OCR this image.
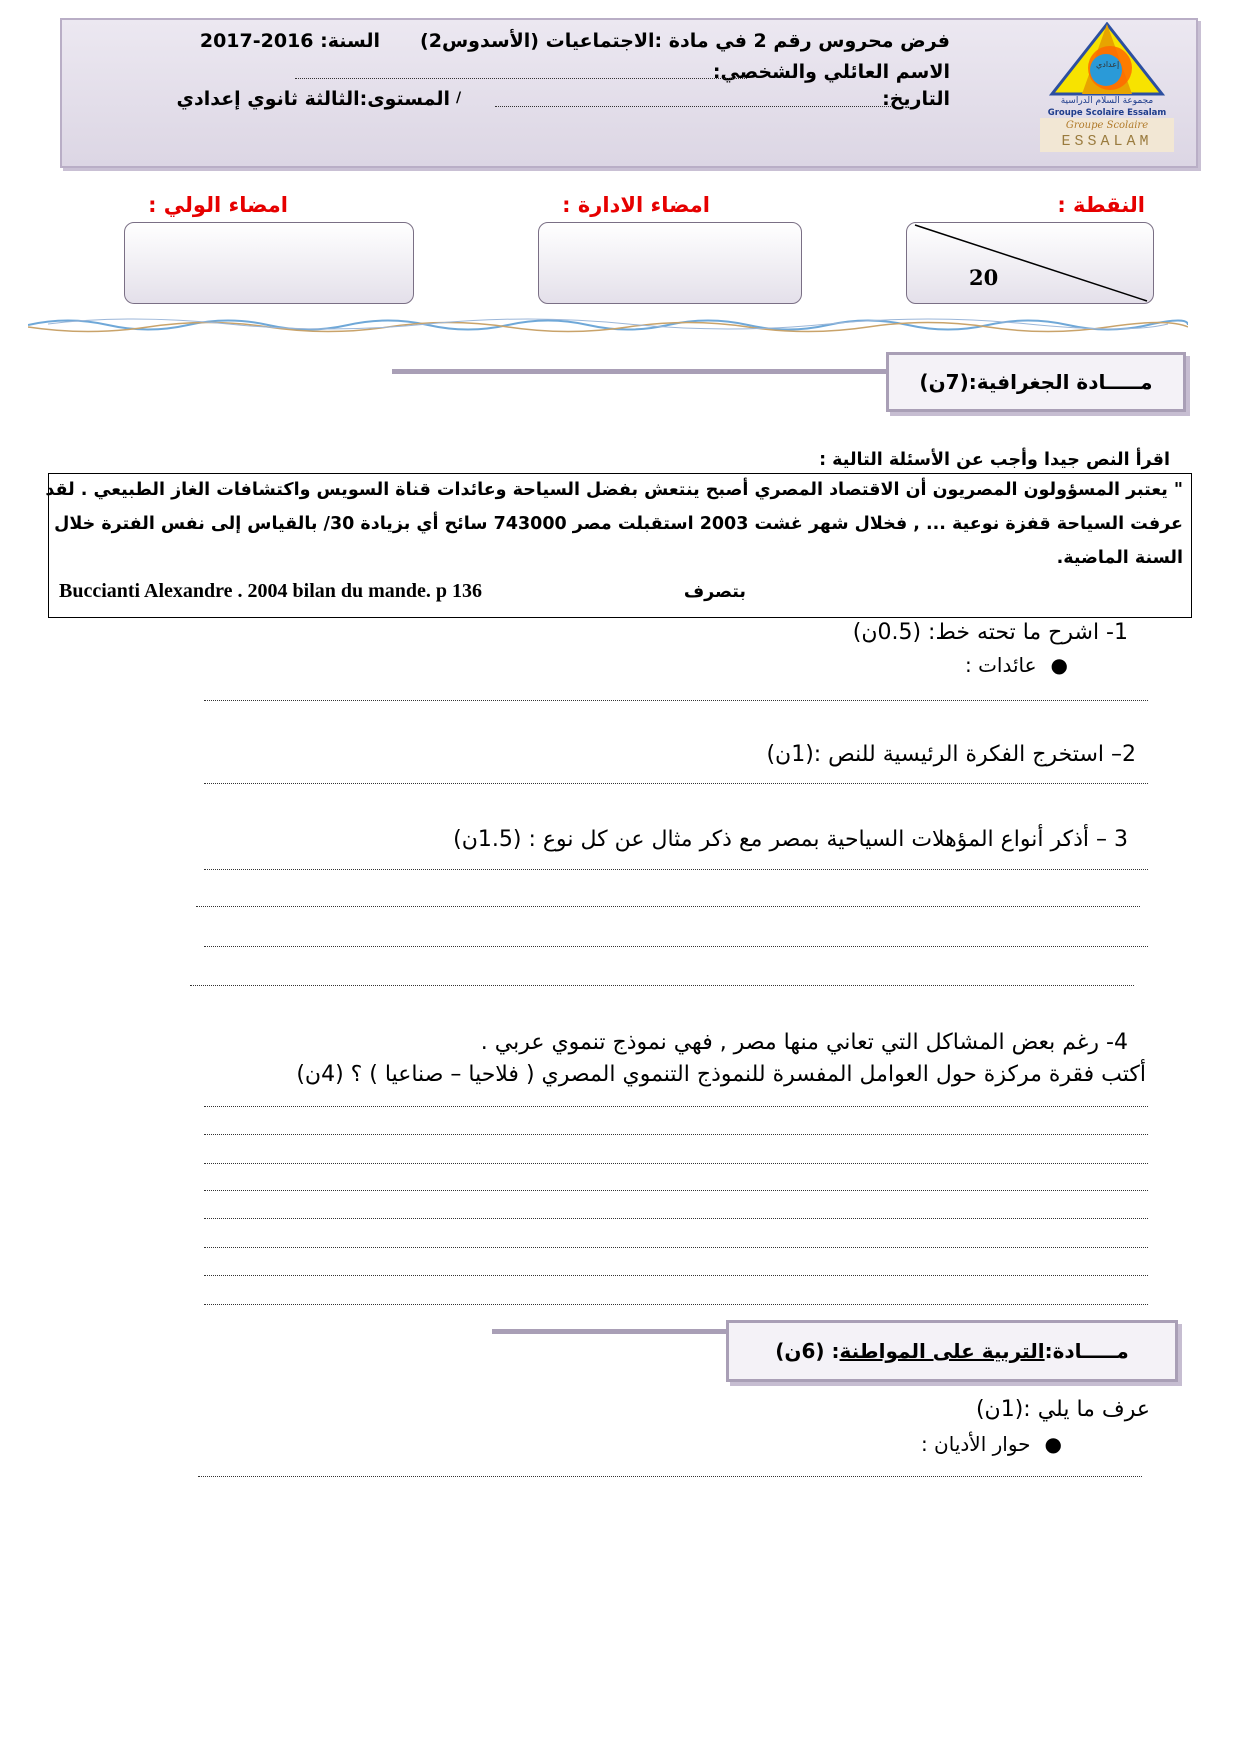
فرض محروس رقم 2 في مادة :الاجتماعيات (الأسدوس2)
السنة: 2016-2017
الاسم العائلي والشخصي:
التاريخ:
/
المستوى:الثالثة ثانوي إعدادي
إعدادي
مجموعة السلام الدراسية
Groupe Scolaire Essalam
Groupe Scolaire
ESSALAM
النقطة :
امضاء الادارة :
امضاء الولي :
20
مـــــادة الجغرافية:(7ن)
اقرأ النص جيدا وأجب عن الأسئلة التالية :
" يعتبر المسؤولون المصريون أن الاقتصاد المصري أصبح ينتعش بفضل السياحة وعائدات قناة السويس واكتشافات الغاز الطبيعي . لقد
عرفت السياحة قفزة نوعية ... , فخلال شهر غشت 2003 استقبلت مصر 743000 سائح أي بزيادة 30/ بالقياس إلى نفس الفترة خلال
السنة الماضية.
بتصرف
Buccianti Alexandre . 2004 bilan du mande. p 136
1- اشرح ما تحته خط: (0.5ن)
●عائدات :
2– استخرج الفكرة الرئيسية للنص :(1ن)
3 – أذكر أنواع المؤهلات السياحية بمصر مع ذكر مثال عن كل نوع : (1.5ن)
4- رغم بعض المشاكل التي تعاني منها مصر , فهي نموذج تنموي عربي .
أكتب فقرة مركزة حول العوامل المفسرة للنموذج التنموي المصري ( فلاحيا – صناعيا ) ؟ (4ن)
مـــــادة:التربية على المواطنة: (6ن)
عرف ما يلي :(1ن)
●حوار الأديان :
